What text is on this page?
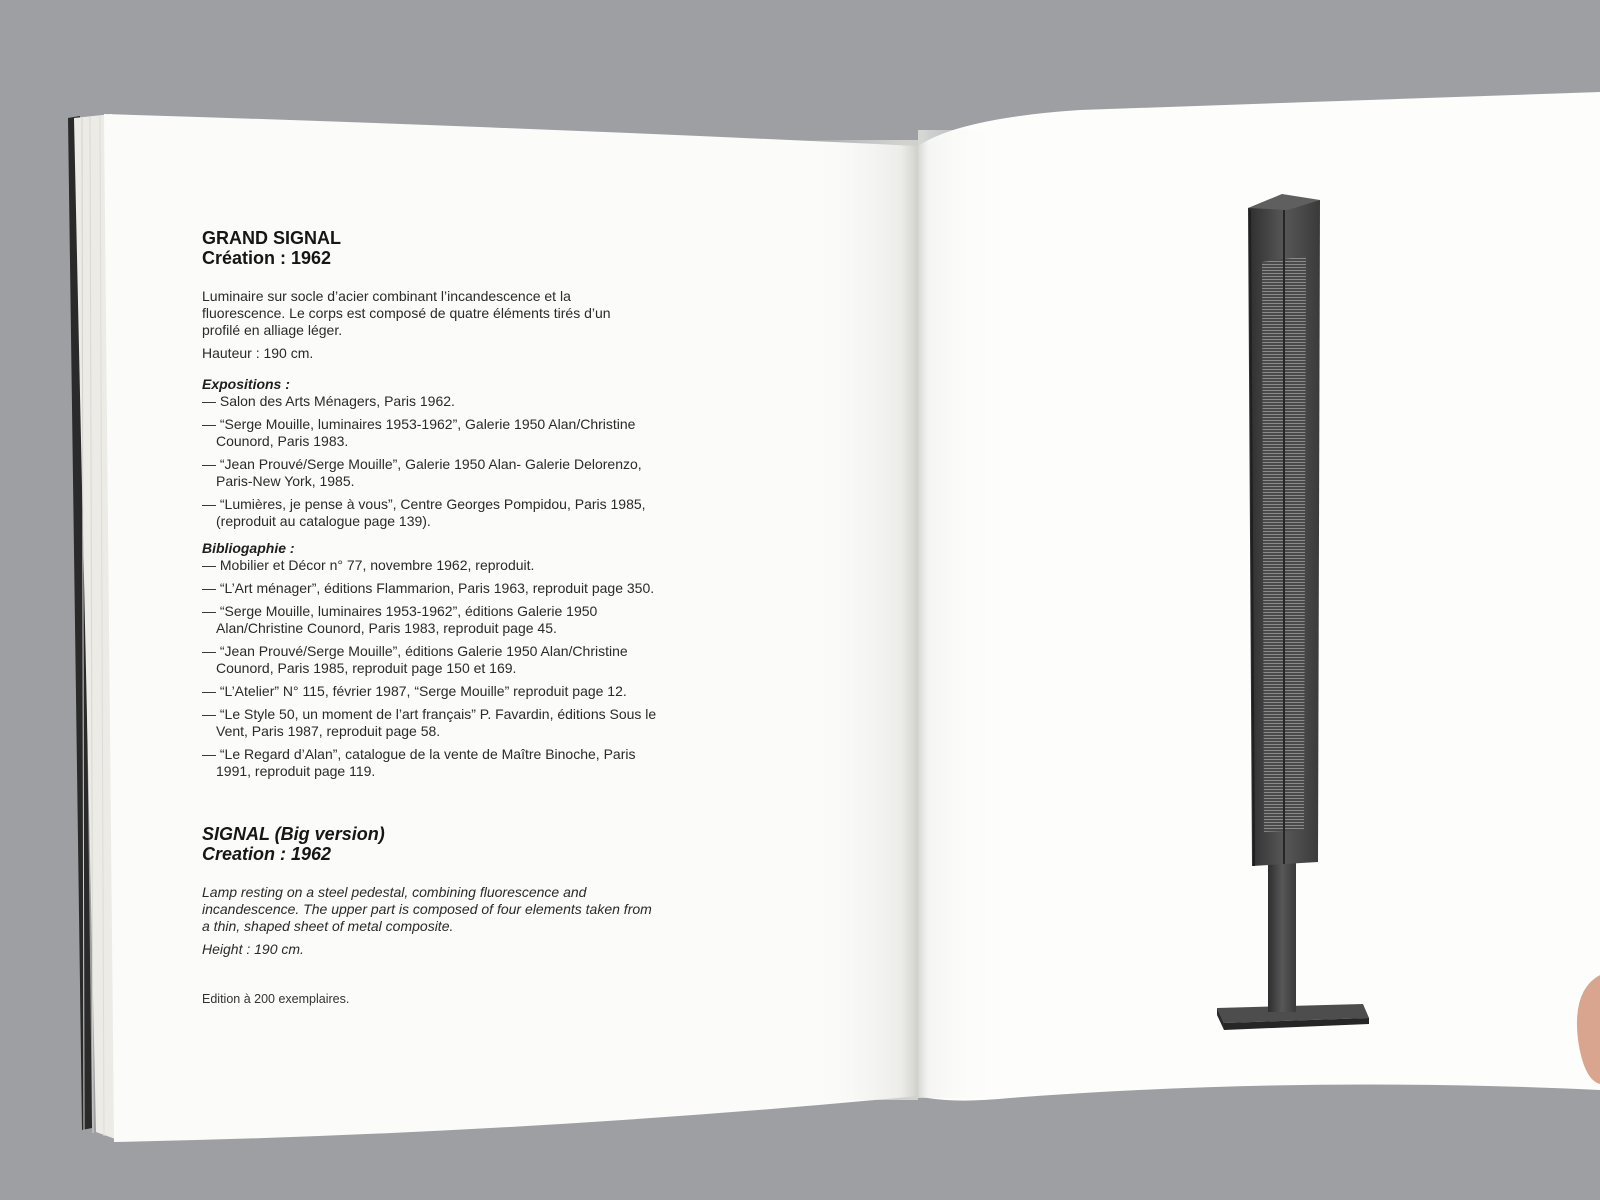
GRAND SIGNAL

Création : 1962

Luminaire sur socle d’acier combinant l’incandescence et la fluorescence. Le corps est composé de quatre éléments tirés d’un profilé en alliage léger.

Hauteur : 190 cm.

Expositions :
— Salon des Arts Ménagers, Paris 1962.
— “Serge Mouille, luminaires 1953-1962”, Galerie 1950 Alan/Christine Counord, Paris 1983.
— “Jean Prouvé/Serge Mouille”, Galerie 1950 Alan- Galerie Delorenzo, Paris-New York, 1985.
— “Lumières, je pense à vous”, Centre Georges Pompidou, Paris 1985, (reproduit au catalogue page 139).
Bibliogaphie :
— Mobilier et Décor n° 77, novembre 1962, reproduit.
— “L’Art ménager”, éditions Flammarion, Paris 1963, reproduit page 350.
— “Serge Mouille, luminaires 1953-1962”, éditions Galerie 1950 Alan/Christine Counord, Paris 1983, reproduit page 45.
— “Jean Prouvé/Serge Mouille”, éditions Galerie 1950 Alan/Christine Counord, Paris 1985, reproduit page 150 et 169.
— “L’Atelier” N° 115, février 1987, “Serge Mouille” reproduit page 12.
— “Le Style 50, un moment de l’art français” P. Favardin, éditions Sous le Vent, Paris 1987, reproduit page 58.
— “Le Regard d’Alan”, catalogue de la vente de Maître Binoche, Paris 1991, reproduit page 119.

SIGNAL (Big version)

Creation : 1962

Lamp resting on a steel pedestal, combining fluorescence and incandescence. The upper part is composed of four elements taken from a thin, shaped sheet of metal composite.

Height : 190 cm.

Edition à 200 exemplaires.
